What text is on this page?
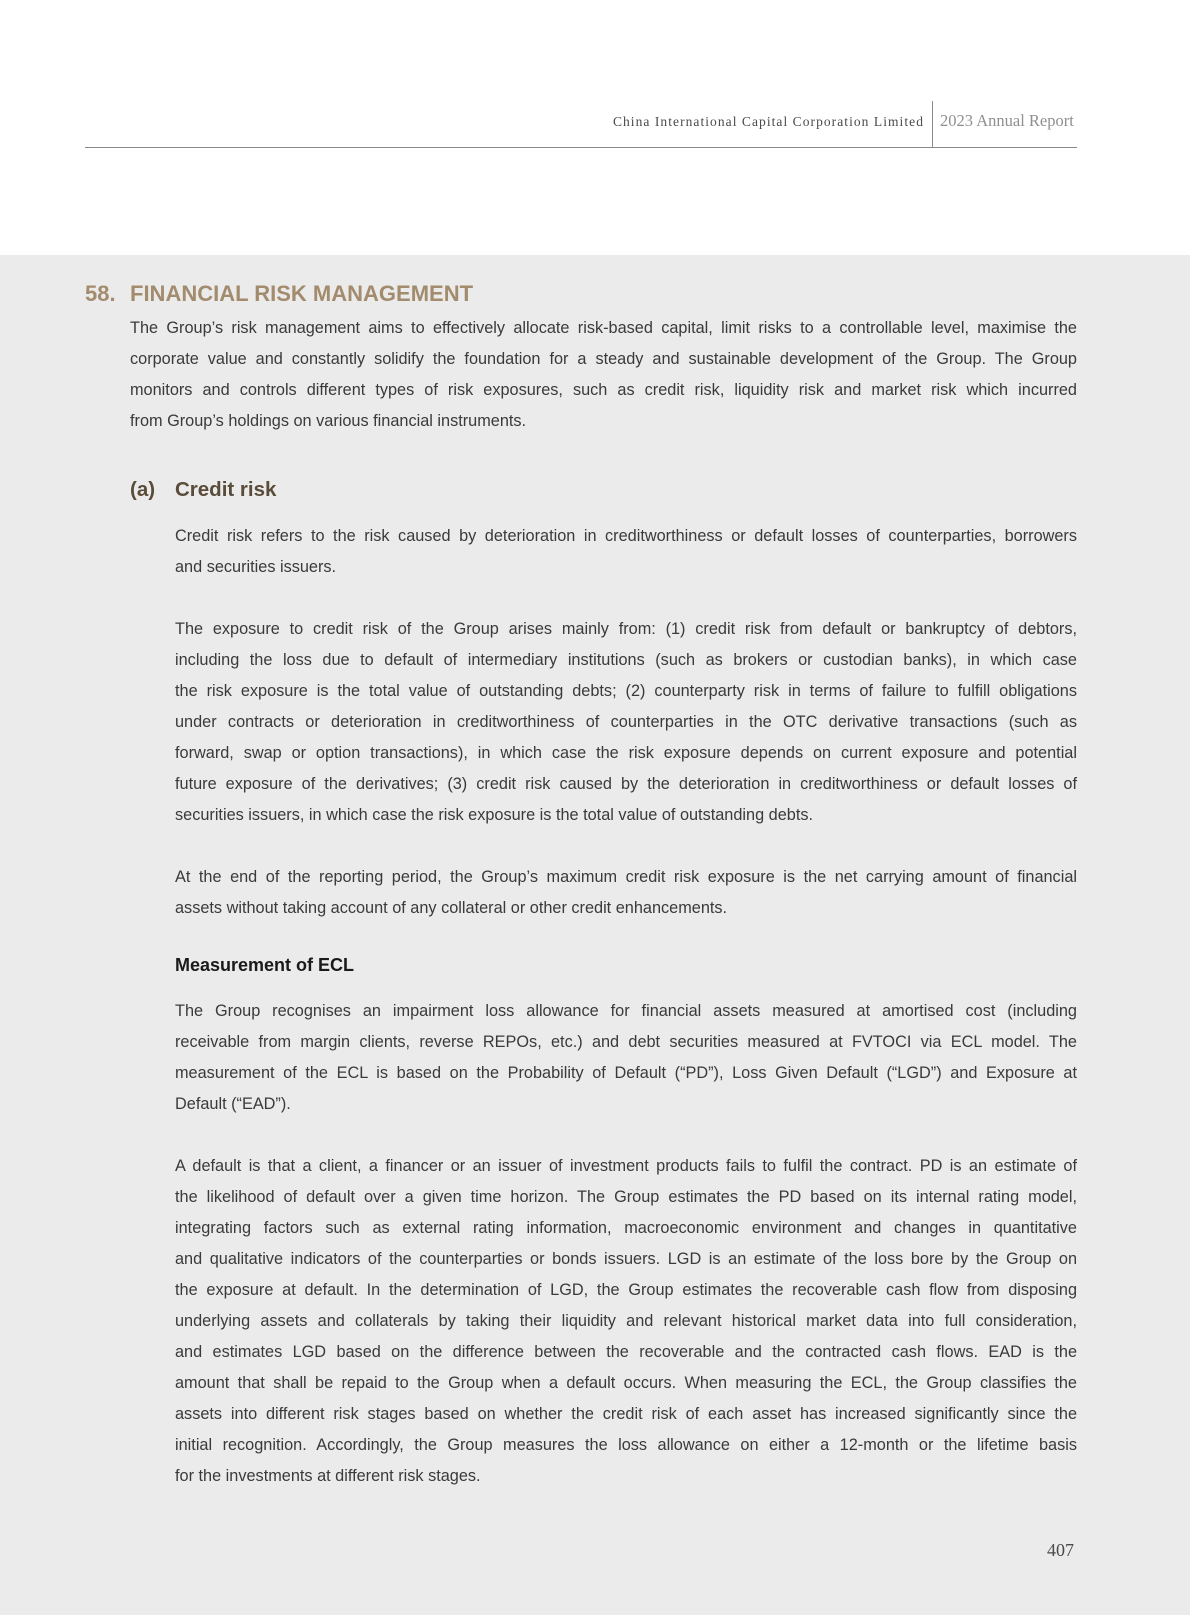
China International Capital Corporation Limited 2023 Annual Report
58. FINANCIAL RISK MANAGEMENT
The Group’s risk management aims to effectively allocate risk-based capital, limit risks to a controllable level, maximise the
corporate value and constantly solidify the foundation for a steady and sustainable development of the Group. The Group
monitors and controls different types of risk exposures, such as credit risk, liquidity risk and market risk which incurred
from Group’s holdings on various financial instruments.
(a) Credit risk
Credit risk refers to the risk caused by deterioration in creditworthiness or default losses of counterparties, borrowers
and securities issuers.
The exposure to credit risk of the Group arises mainly from: (1) credit risk from default or bankruptcy of debtors,
including the loss due to default of intermediary institutions (such as brokers or custodian banks), in which case
the risk exposure is the total value of outstanding debts; (2) counterparty risk in terms of failure to fulfill obligations
under contracts or deterioration in creditworthiness of counterparties in the OTC derivative transactions (such as
forward, swap or option transactions), in which case the risk exposure depends on current exposure and potential
future exposure of the derivatives; (3) credit risk caused by the deterioration in creditworthiness or default losses of
securities issuers, in which case the risk exposure is the total value of outstanding debts.
At the end of the reporting period, the Group’s maximum credit risk exposure is the net carrying amount of financial
assets without taking account of any collateral or other credit enhancements.
Measurement of ECL
The Group recognises an impairment loss allowance for financial assets measured at amortised cost (including
receivable from margin clients, reverse REPOs, etc.) and debt securities measured at FVTOCI via ECL model. The
measurement of the ECL is based on the Probability of Default (“PD”), Loss Given Default (“LGD”) and Exposure at
Default (“EAD”).
A default is that a client, a financer or an issuer of investment products fails to fulfil the contract. PD is an estimate of
the likelihood of default over a given time horizon. The Group estimates the PD based on its internal rating model,
integrating factors such as external rating information, macroeconomic environment and changes in quantitative
and qualitative indicators of the counterparties or bonds issuers. LGD is an estimate of the loss bore by the Group on
the exposure at default. In the determination of LGD, the Group estimates the recoverable cash flow from disposing
underlying assets and collaterals by taking their liquidity and relevant historical market data into full consideration,
and estimates LGD based on the difference between the recoverable and the contracted cash flows. EAD is the
amount that shall be repaid to the Group when a default occurs. When measuring the ECL, the Group classifies the
assets into different risk stages based on whether the credit risk of each asset has increased significantly since the
initial recognition. Accordingly, the Group measures the loss allowance on either a 12-month or the lifetime basis
for the investments at different risk stages.
407
